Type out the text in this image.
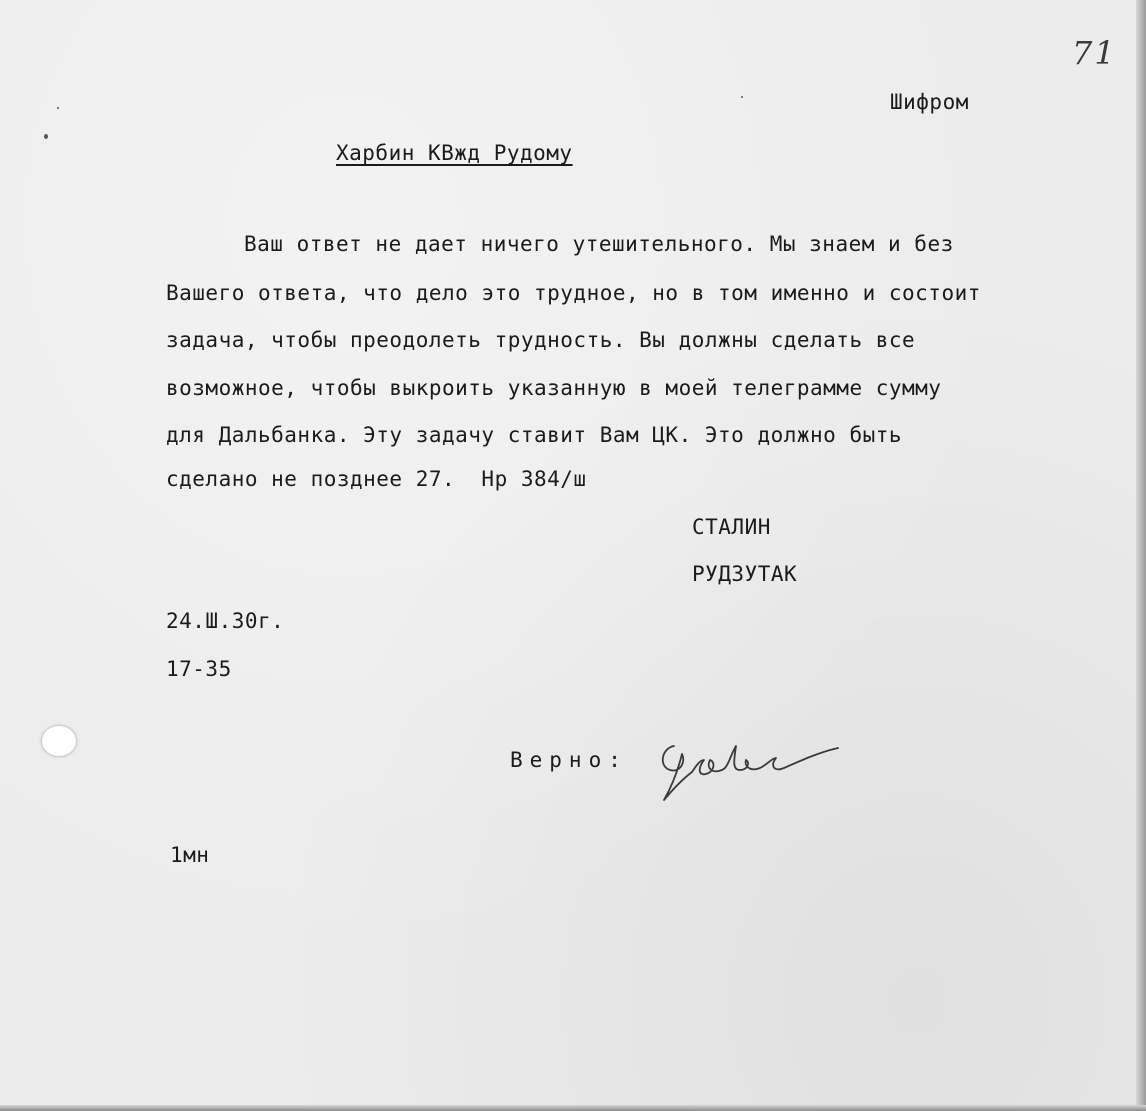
71
Шифром
Харбин КВжд Рудому
Ваш ответ не дает ничего утешительного. Мы знаем и без
Вашего ответа, что дело это трудное, но в том именно и состоит
задача, чтобы преодолеть трудность. Вы должны сделать все
возможное, чтобы выкроить указанную в моей телеграмме сумму
для Дальбанка. Эту задачу ставит Вам ЦК. Это должно быть
сделано не позднее 27.  Нр 384/ш
СТАЛИН
РУДЗУТАК
24.Ш.30г.
17-35
Верно:
1мн
